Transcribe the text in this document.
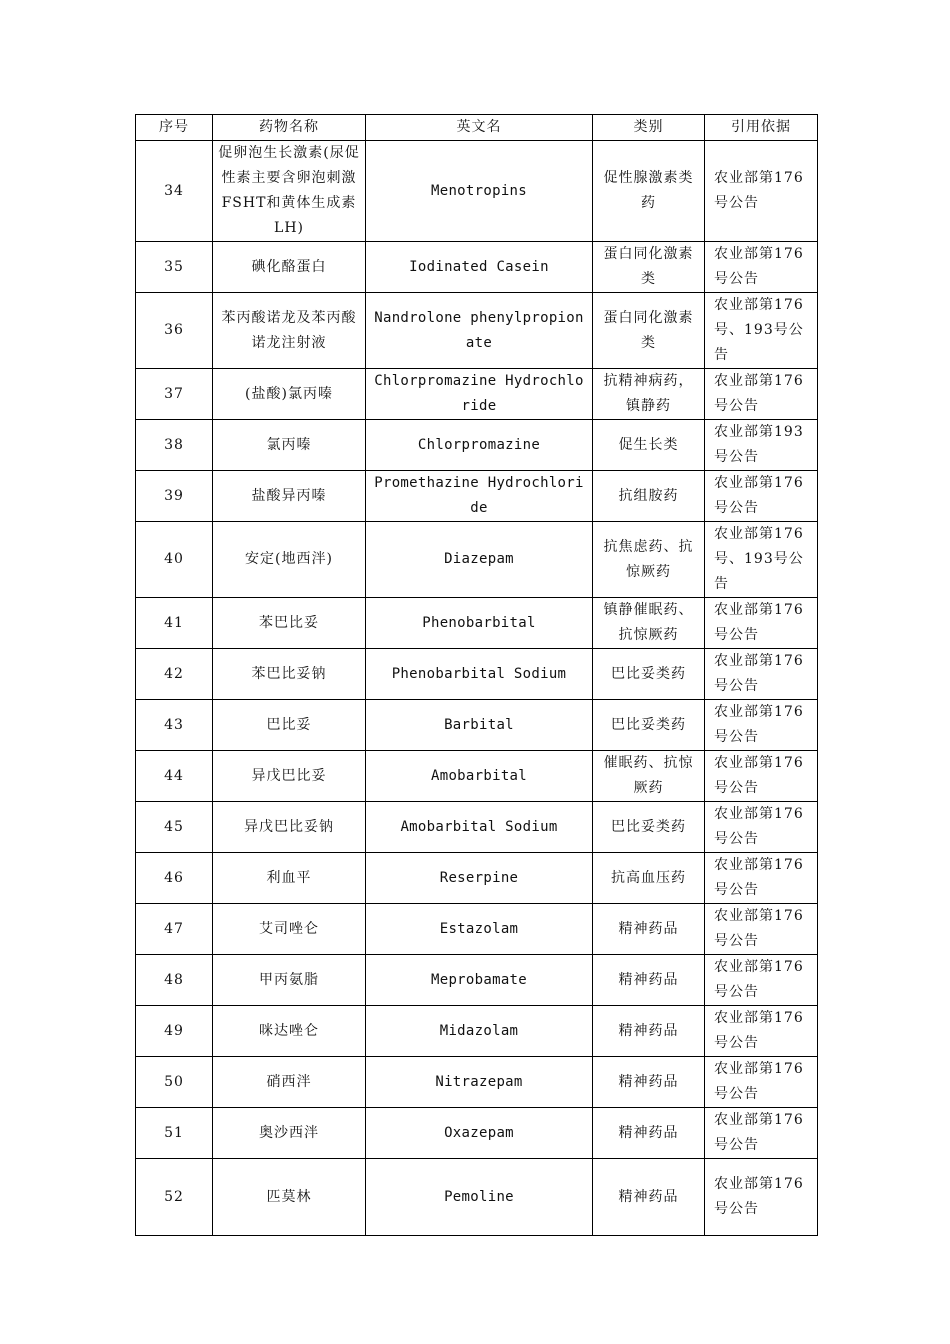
序号	药物名称	英文名	类别	引用依据
34	促卵泡生长激素(尿促性素主要含卵泡刺激FSHT和黄体生成素LH)	Menotropins	促性腺激素类药	农业部第176号公告
35	碘化酪蛋白	Iodinated Casein	蛋白同化激素类	农业部第176号公告
36	苯丙酸诺龙及苯丙酸诺龙注射液	Nandrolone phenylpropionate	蛋白同化激素类	农业部第176号、193号公告
37	(盐酸)氯丙嗪	Chlorpromazine Hydrochloride	抗精神病药，镇静药	农业部第176号公告
38	氯丙嗪	Chlorpromazine	促生长类	农业部第193号公告
39	盐酸异丙嗪	Promethazine Hydrochloride	抗组胺药	农业部第176号公告
40	安定(地西泮)	Diazepam	抗焦虑药、抗惊厥药	农业部第176号、193号公告
41	苯巴比妥	Phenobarbital	镇静催眠药、抗惊厥药	农业部第176号公告
42	苯巴比妥钠	Phenobarbital Sodium	巴比妥类药	农业部第176号公告
43	巴比妥	Barbital	巴比妥类药	农业部第176号公告
44	异戊巴比妥	Amobarbital	催眠药、抗惊厥药	农业部第176号公告
45	异戊巴比妥钠	Amobarbital Sodium	巴比妥类药	农业部第176号公告
46	利血平	Reserpine	抗高血压药	农业部第176号公告
47	艾司唑仑	Estazolam	精神药品	农业部第176号公告
48	甲丙氨脂	Meprobamate	精神药品	农业部第176号公告
49	咪达唑仑	Midazolam	精神药品	农业部第176号公告
50	硝西泮	Nitrazepam	精神药品	农业部第176号公告
51	奥沙西泮	Oxazepam	精神药品	农业部第176号公告
52	匹莫林	Pemoline	精神药品	农业部第176号公告
